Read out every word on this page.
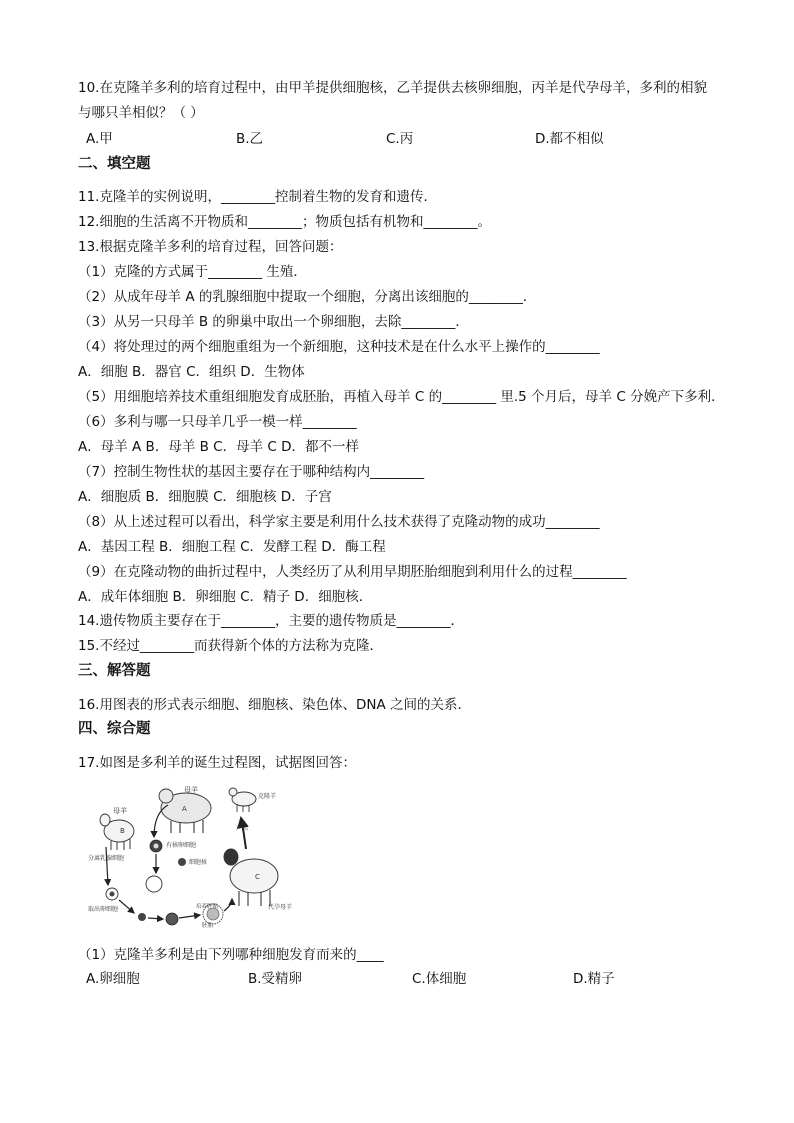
10.在克隆羊多利的培育过程中，由甲羊提供细胞核，乙羊提供去核卵细胞，丙羊是代孕母羊，多利的相貌
与哪只羊相似？（ ）
A.甲	B.乙	C.丙	D.都不相似
二、填空题
11.克隆羊的实例说明，________控制着生物的发育和遗传．
12.细胞的生活离不开物质和________；物质包括有机物和________。
13.根据克隆羊多利的培育过程，回答问题：
（1）克隆的方式属于________ 生殖．
（2）从成年母羊 A 的乳腺细胞中提取一个细胞，分离出该细胞的________．
（3）从另一只母羊 B 的卵巢中取出一个卵细胞，去除________．
（4）将处理过的两个细胞重组为一个新细胞，这种技术是在什么水平上操作的________
A．细胞 B．器官 C．组织 D．生物体
（5）用细胞培养技术重组细胞发育成胚胎，再植入母羊 C 的________ 里.5 个月后，母羊 C 分娩产下多利．
（6）多利与哪一只母羊几乎一模一样________
A．母羊 A B．母羊 B C．母羊 C D．都不一样
（7）控制生物性状的基因主要存在于哪种结构内________
A．细胞质 B．细胞膜 C．细胞核 D．子宫
（8）从上述过程可以看出，科学家主要是利用什么技术获得了克隆动物的成功________
A．基因工程 B．细胞工程 C．发酵工程 D．酶工程
（9）在克隆动物的曲折过程中，人类经历了从利用早期胚胎细胞到利用什么的过程________
A．成年体细胞 B．卵细胞 C．精子 D．细胞核．
14.遗传物质主要存在于________，主要的遗传物质是________．
15.不经过________而获得新个体的方法称为克隆．
三、解答题
16.用图表的形式表示细胞、细胞核、染色体、DNA 之间的关系．
四、综合题
17.如图是多利羊的诞生过程图，试据图回答：
母羊
B
母羊
A
克隆羊
C
代孕母羊
有核卵细胞
细胞核
分离乳腺细胞
取出卵细胞
产出
培养胚胎
胚胎
（1）克隆羊多利是由下列哪种细胞发育而来的____
A.卵细胞	B.受精卵	C.体细胞	D.精子
